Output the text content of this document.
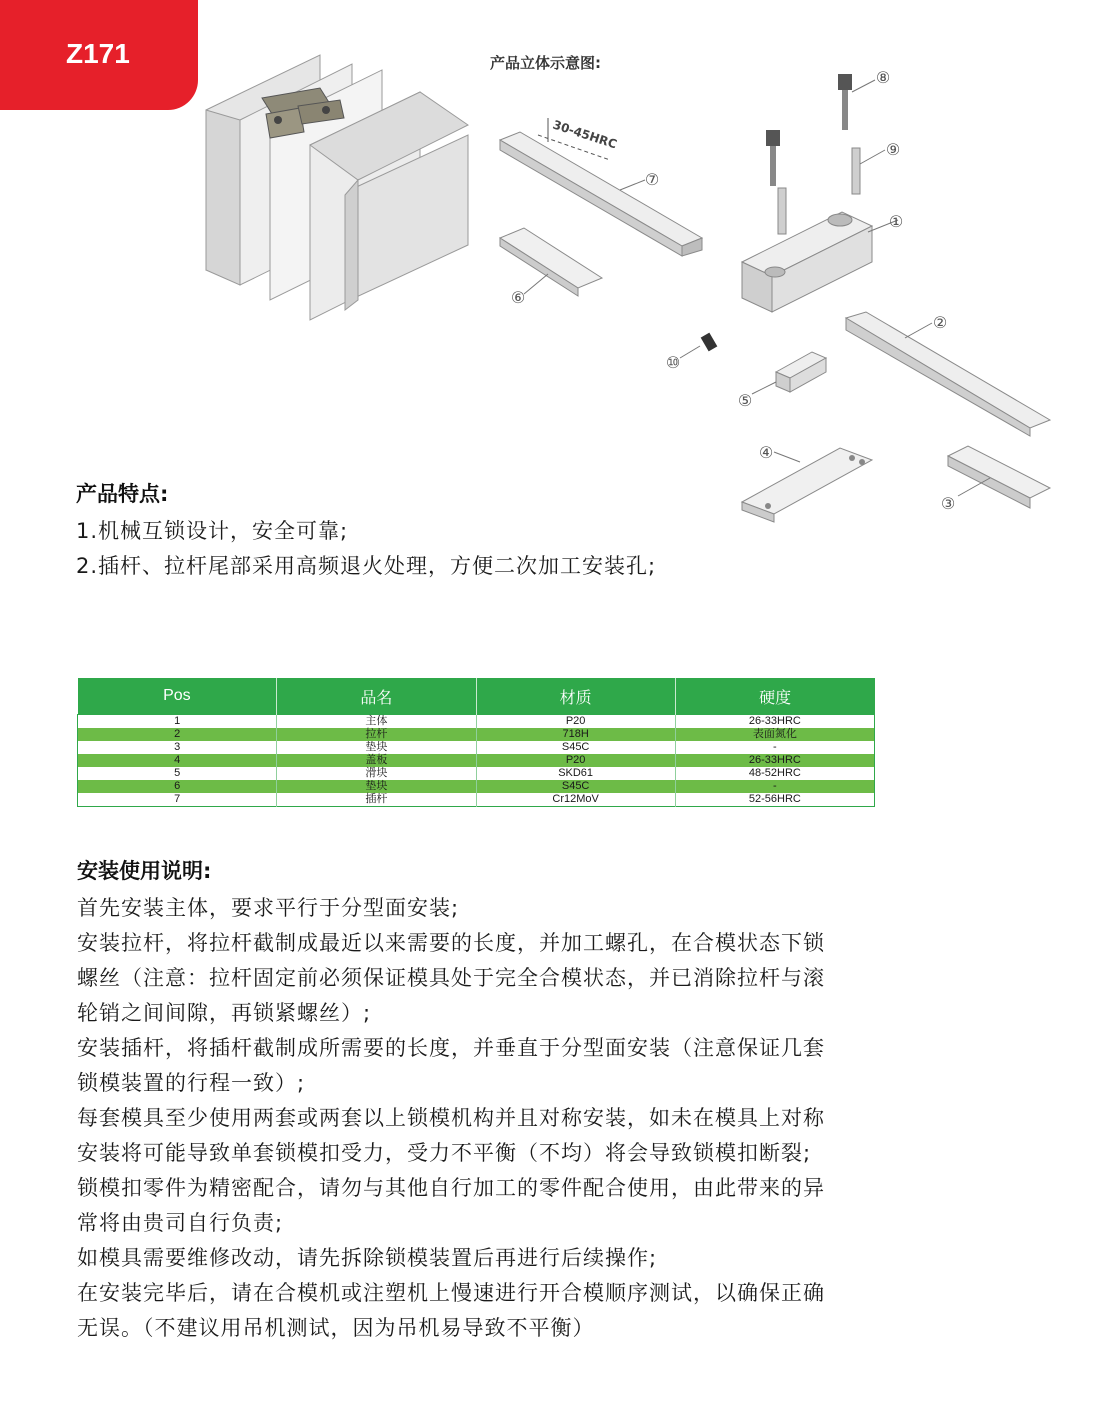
Z171	产品立体示意图:
30-45HRC
①
②
③
④
⑤
⑥
⑦
⑧
⑨
⑩
产品特点:

1.机械互锁设计，安全可靠;

2.插杆、拉杆尾部采用高频退火处理，方便二次加工安装孔;

Pos	品名	材质	硬度
1	主体	P20	26-33HRC
2	拉杆	718H	表面氮化
3	垫块	S45C	-
4	盖板	P20	26-33HRC
5	滑块	SKD61	48-52HRC
6	垫块	S45C	-
7	插杆	Cr12MoV	52-56HRC
安装使用说明:

首先安装主体，要求平行于分型面安装;

安装拉杆，将拉杆截制成最近以来需要的长度，并加工螺孔，在合模状态下锁

螺丝（注意：拉杆固定前必须保证模具处于完全合模状态，并已消除拉杆与滚

轮销之间间隙，再锁紧螺丝）;

安装插杆，将插杆截制成所需要的长度，并垂直于分型面安装（注意保证几套

锁模装置的行程一致）;

每套模具至少使用两套或两套以上锁模机构并且对称安装，如未在模具上对称

安装将可能导致单套锁模扣受力，受力不平衡（不均）将会导致锁模扣断裂;

锁模扣零件为精密配合，请勿与其他自行加工的零件配合使用，由此带来的异

常将由贵司自行负责;

如模具需要维修改动，请先拆除锁模装置后再进行后续操作;

在安装完毕后，请在合模机或注塑机上慢速进行开合模顺序测试，以确保正确

无误。（不建议用吊机测试，因为吊机易导致不平衡）
